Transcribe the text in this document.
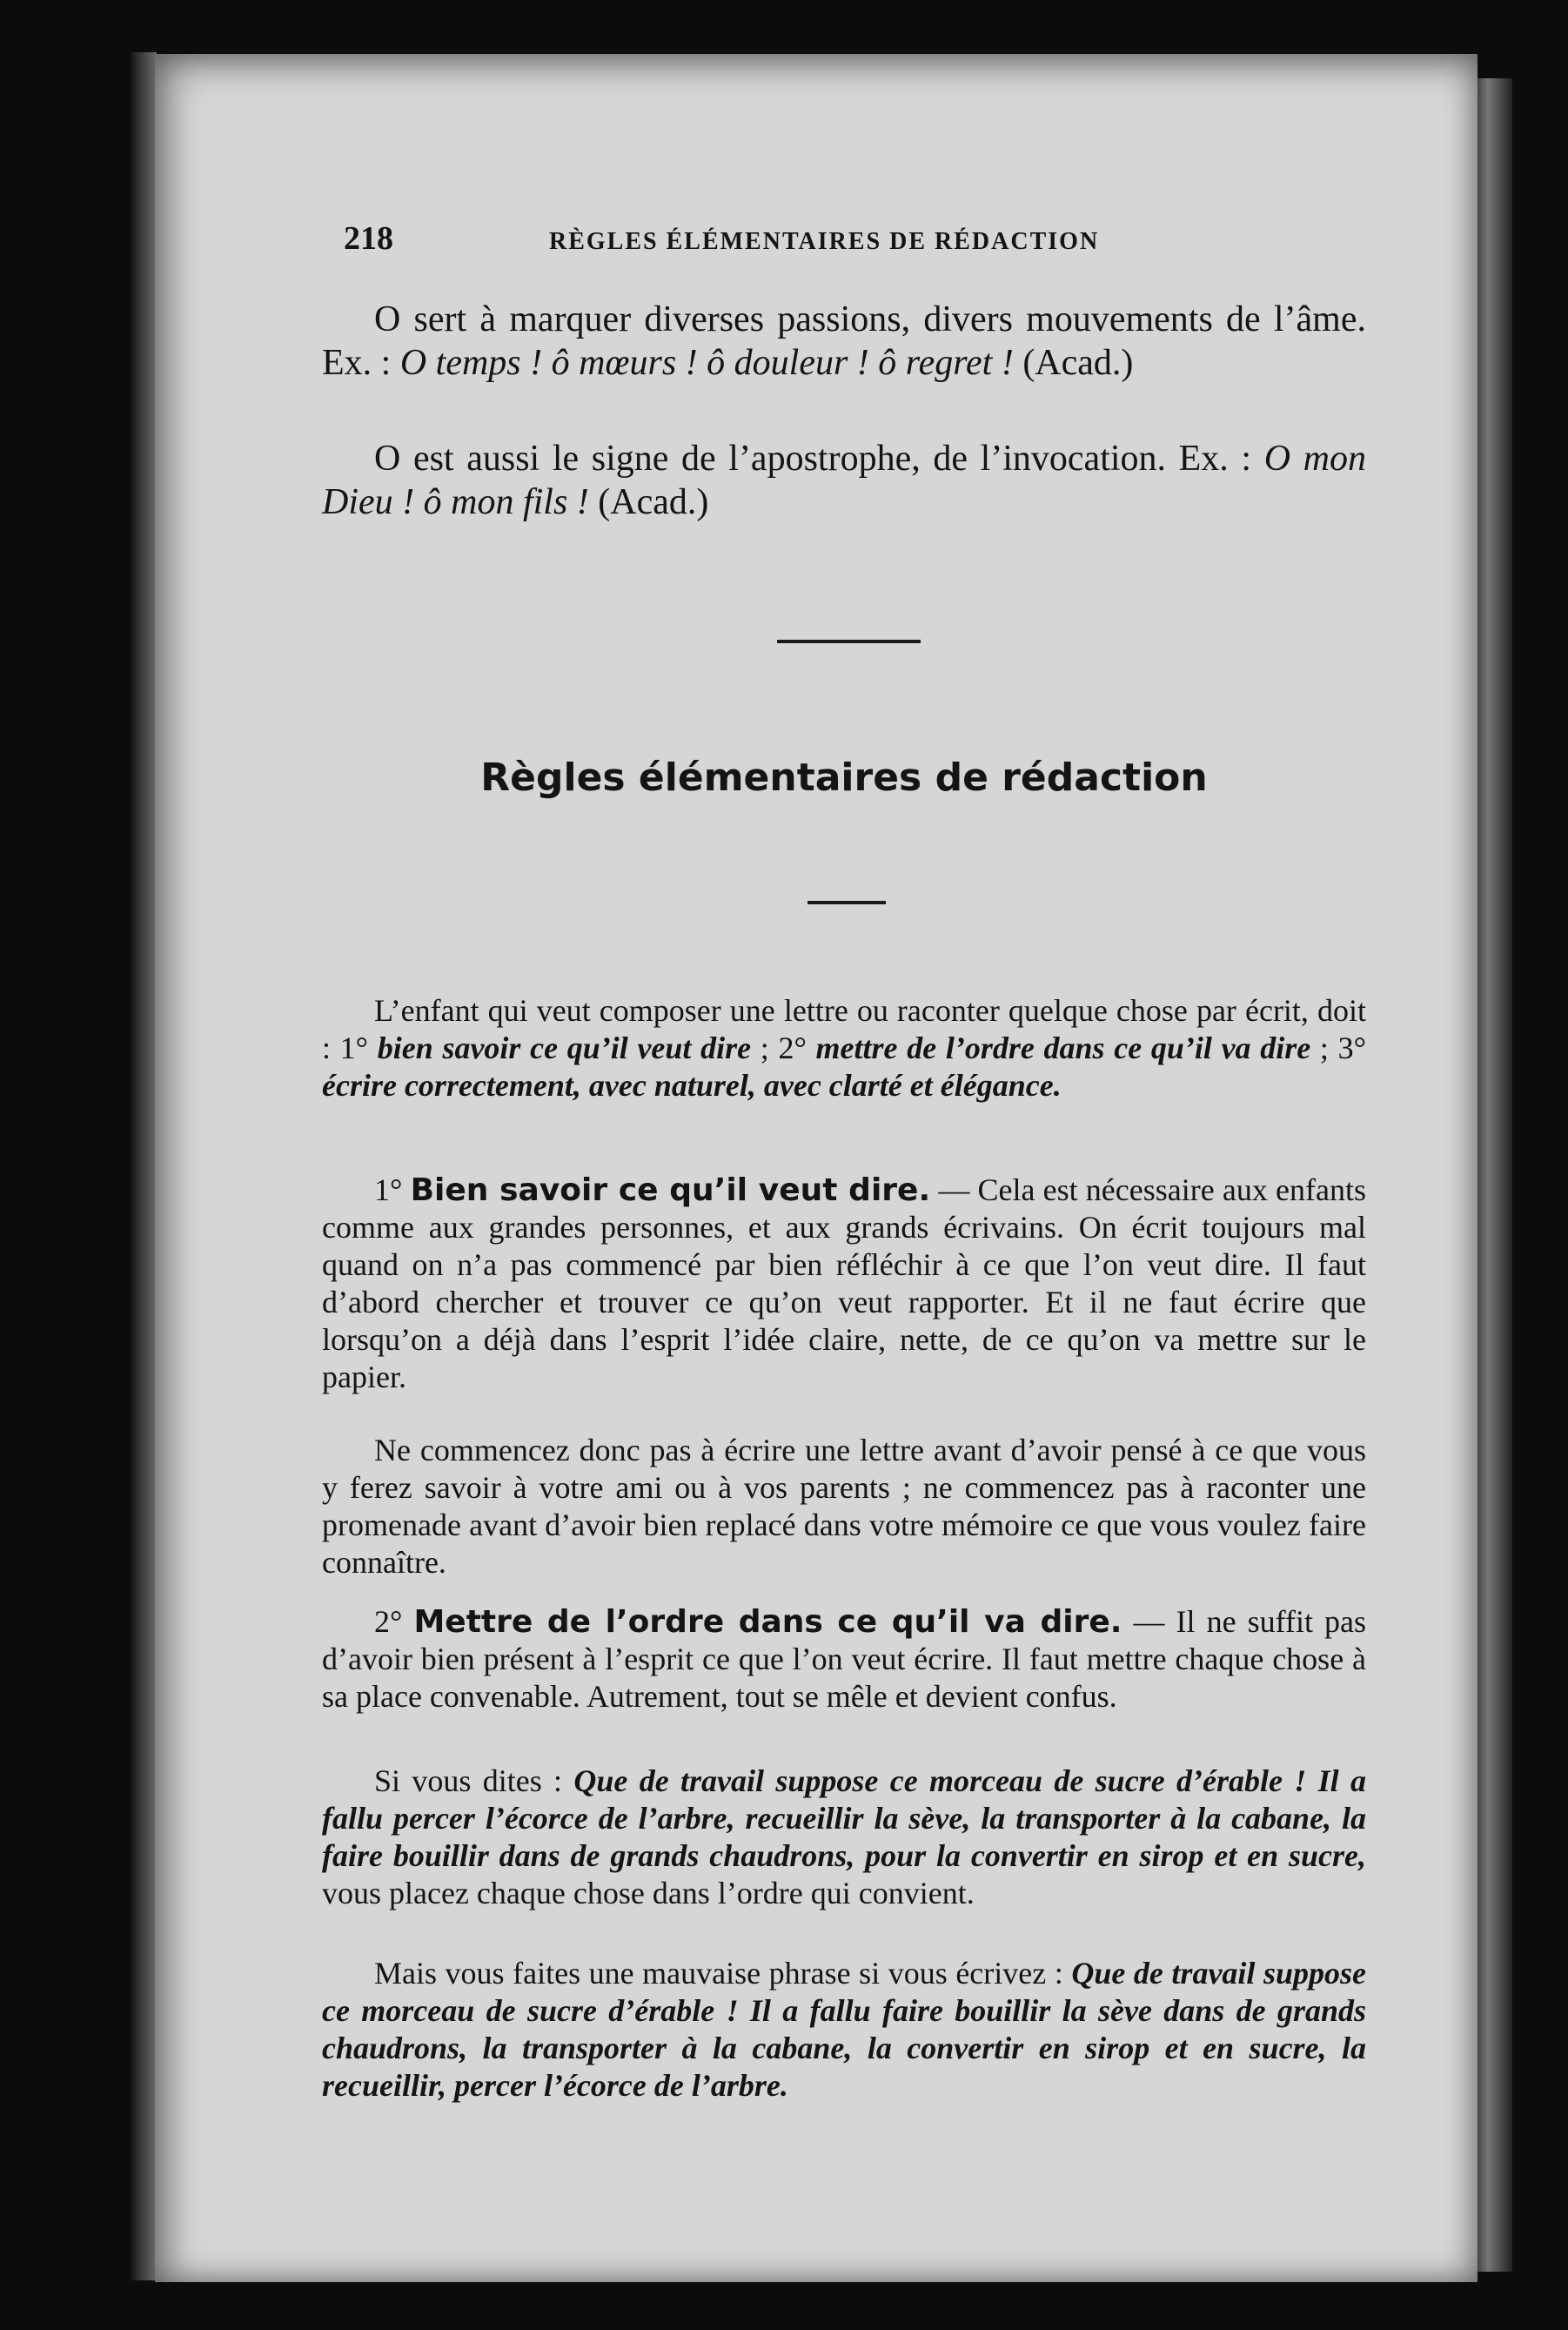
218	RÈGLES ÉLÉMENTAIRES DE RÉDACTION
O sert à marquer diverses passions, divers mouvements de l’âme. Ex. : O temps ! ô mœurs ! ô douleur ! ô regret ! (Acad.)
O est aussi le signe de l’apostrophe, de l’invocation. Ex. : O mon Dieu ! ô mon fils ! (Acad.)
Règles élémentaires de rédaction
L’enfant qui veut composer une lettre ou raconter quelque chose par écrit, doit : 1° bien savoir ce qu’il veut dire ; 2° mettre de l’ordre dans ce qu’il va dire ; 3° écrire correctement, avec naturel, avec clarté et élégance.
1° Bien savoir ce qu’il veut dire. — Cela est nécessaire aux enfants comme aux grandes personnes, et aux grands écrivains. On écrit toujours mal quand on n’a pas commencé par bien réfléchir à ce que l’on veut dire. Il faut d’abord chercher et trouver ce qu’on veut rapporter. Et il ne faut écrire que lorsqu’on a déjà dans l’esprit l’idée claire, nette, de ce qu’on va mettre sur le papier.
Ne commencez donc pas à écrire une lettre avant d’avoir pensé à ce que vous y ferez savoir à votre ami ou à vos parents ; ne commencez pas à raconter une promenade avant d’avoir bien replacé dans votre mémoire ce que vous voulez faire connaître.
2° Mettre de l’ordre dans ce qu’il va dire. — Il ne suffit pas d’avoir bien présent à l’esprit ce que l’on veut écrire. Il faut mettre chaque chose à sa place convenable. Autrement, tout se mêle et devient confus.
Si vous dites : Que de travail suppose ce morceau de sucre d’érable ! Il a fallu percer l’écorce de l’arbre, recueillir la sève, la transporter à la cabane, la faire bouillir dans de grands chaudrons, pour la convertir en sirop et en sucre, vous placez chaque chose dans l’ordre qui convient.
Mais vous faites une mauvaise phrase si vous écrivez : Que de travail suppose ce morceau de sucre d’érable ! Il a fallu faire bouillir la sève dans de grands chaudrons, la transporter à la cabane, la convertir en sirop et en sucre, la recueillir, percer l’écorce de l’arbre.
